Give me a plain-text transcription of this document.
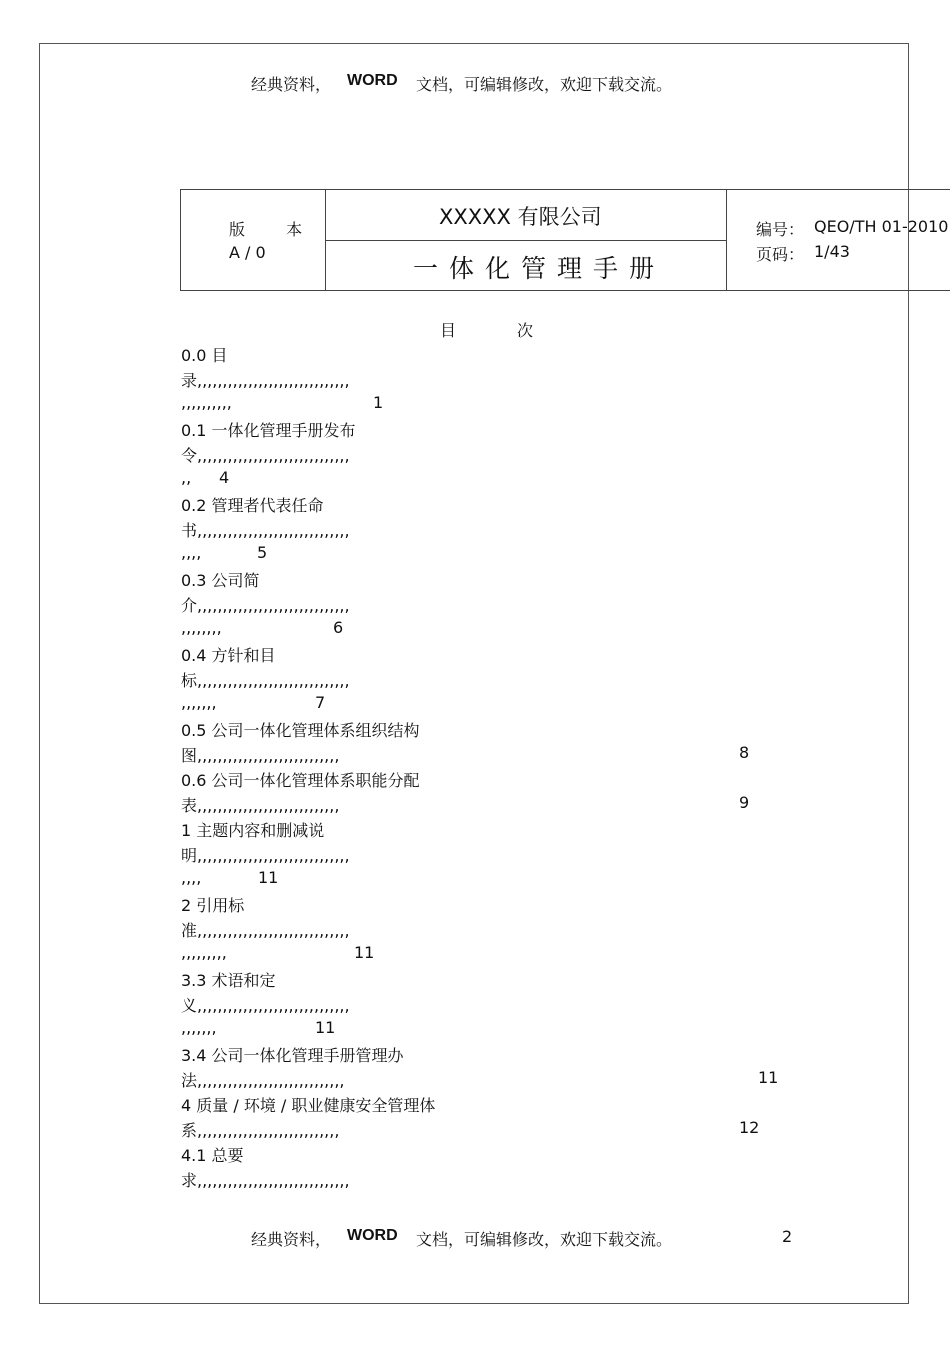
经典资料， WORD 文档，可编辑修改，欢迎下载交流。
版 本
A / 0
XXXXX 有限公司
一体化管理手册
编号： QEO/TH 01-2010
页码： 1/43
目	次
0.0 目
录,,,,,,,,,,,,,,,,,,,,,,,,,,,,,,
,,,,,,,,,,	1
0.1 一体化管理手册发布
令,,,,,,,,,,,,,,,,,,,,,,,,,,,,,,
,, 4
0.2 管理者代表任命
书,,,,,,,,,,,,,,,,,,,,,,,,,,,,,,
,,,,	5
0.3 公司简
介,,,,,,,,,,,,,,,,,,,,,,,,,,,,,,
,,,,,,,,	6
0.4 方针和目
标,,,,,,,,,,,,,,,,,,,,,,,,,,,,,,
,,,,,,,	7
0.5 公司一体化管理体系组织结构
图,,,,,,,,,,,,,,,,,,,,,,,,,,,,	8
0.6 公司一体化管理体系职能分配
表,,,,,,,,,,,,,,,,,,,,,,,,,,,,	9
1 主题内容和删减说
明,,,,,,,,,,,,,,,,,,,,,,,,,,,,,,
,,,,	11
2 引用标
准,,,,,,,,,,,,,,,,,,,,,,,,,,,,,,
,,,,,,,,,	11
3.3 术语和定
义,,,,,,,,,,,,,,,,,,,,,,,,,,,,,,
,,,,,,,	11
3.4 公司一体化管理手册管理办
法,,,,,,,,,,,,,,,,,,,,,,,,,,,,,	11
4 质量 / 环境 / 职业健康安全管理体
系,,,,,,,,,,,,,,,,,,,,,,,,,,,,	12
4.1 总要
求,,,,,,,,,,,,,,,,,,,,,,,,,,,,,,
经典资料， WORD 文档，可编辑修改，欢迎下载交流。	2
